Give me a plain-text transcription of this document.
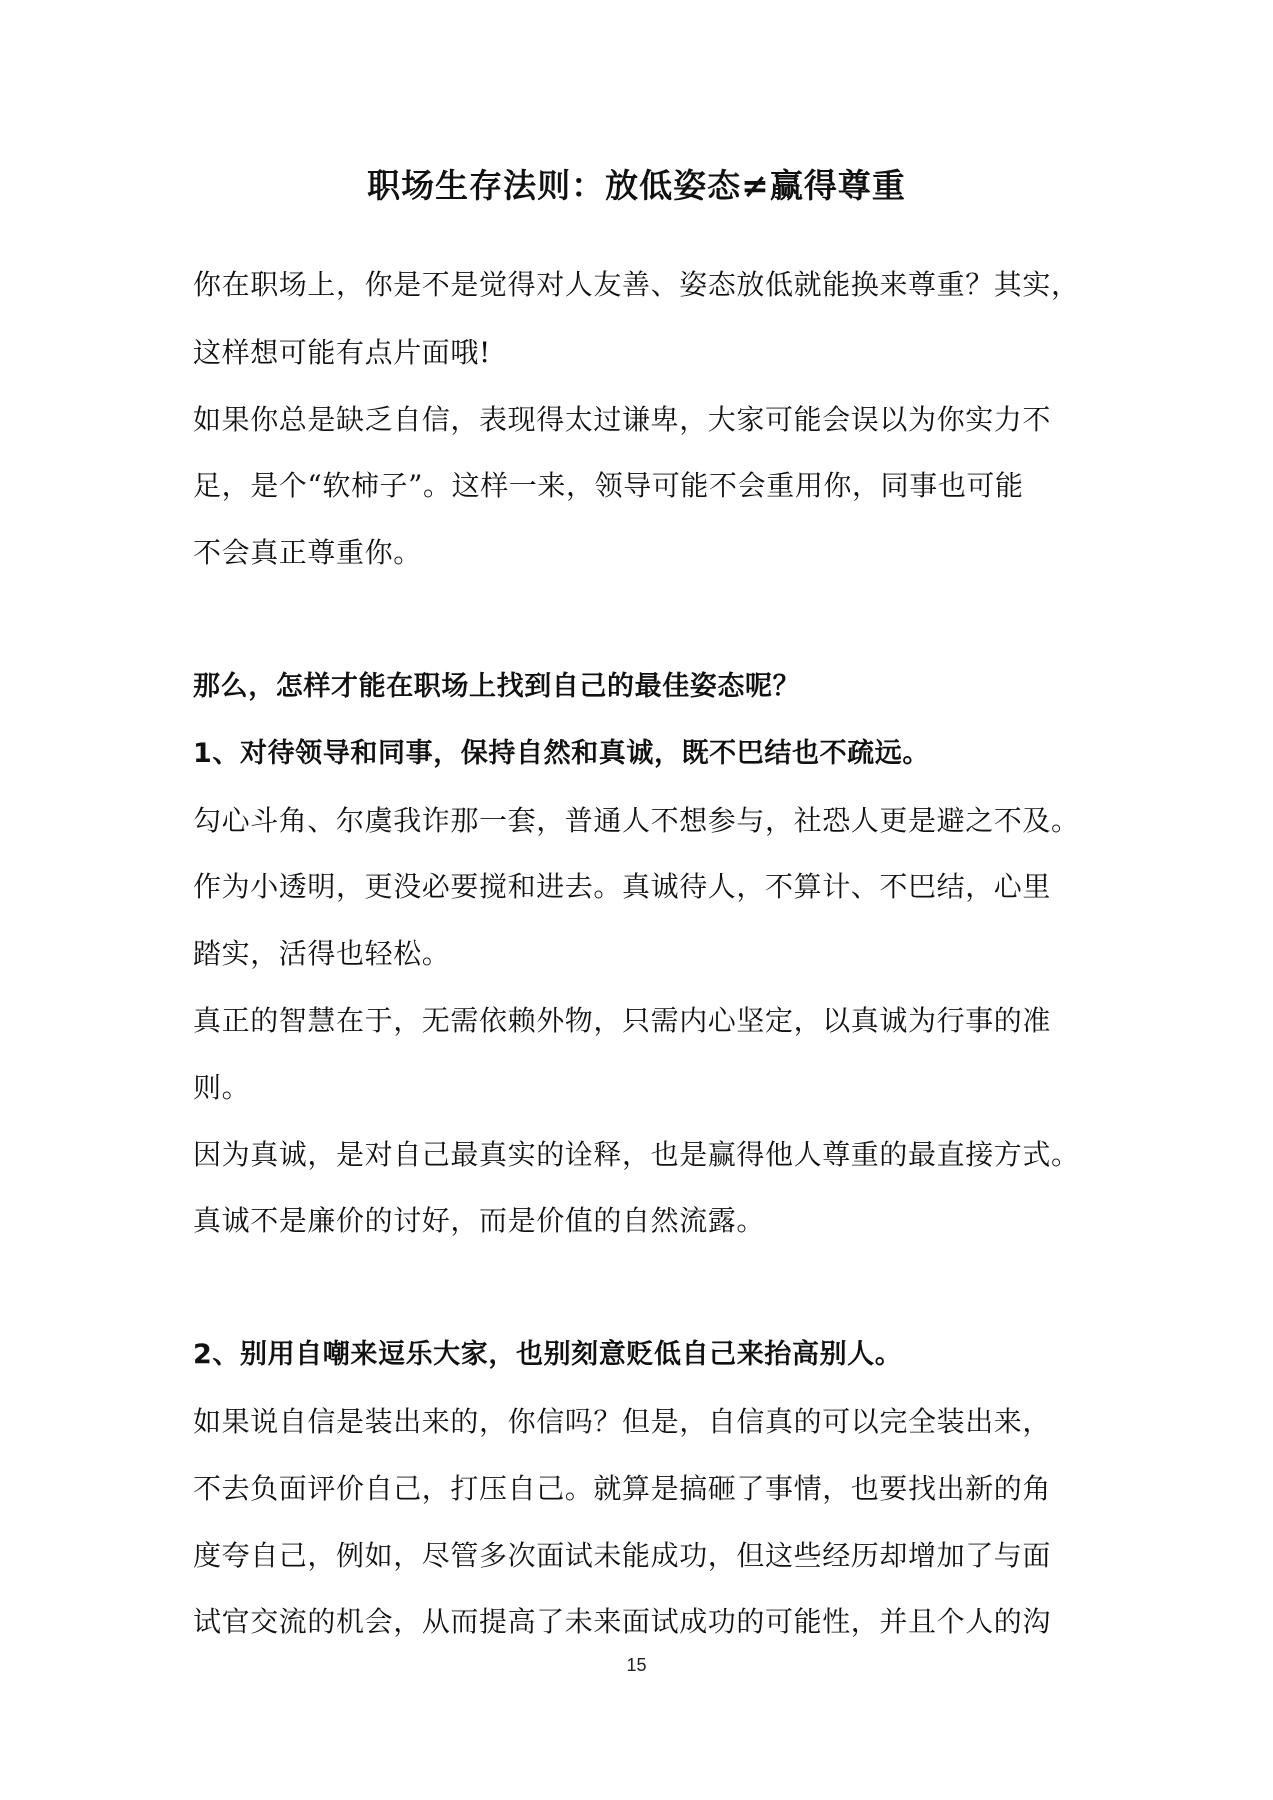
职场生存法则：放低姿态≠赢得尊重

你在职场上，你是不是觉得对人友善、姿态放低就能换来尊重？其实，

这样想可能有点片面哦!

如果你总是缺乏自信，表现得太过谦卑，大家可能会误以为你实力不

足，是个“软柿子”。这样一来，领导可能不会重用你，同事也可能

不会真正尊重你。

那么，怎样才能在职场上找到自己的最佳姿态呢？

1、对待领导和同事，保持自然和真诚，既不巴结也不疏远。

勾心斗角、尔虞我诈那一套，普通人不想参与，社恐人更是避之不及。

作为小透明，更没必要搅和进去。真诚待人，不算计、不巴结，心里

踏实，活得也轻松。

真正的智慧在于，无需依赖外物，只需内心坚定，以真诚为行事的准

则。

因为真诚，是对自己最真实的诠释，也是赢得他人尊重的最直接方式。

真诚不是廉价的讨好，而是价值的自然流露。

2、别用自嘲来逗乐大家，也别刻意贬低自己来抬高别人。

如果说自信是装出来的，你信吗？但是，自信真的可以完全装出来，

不去负面评价自己，打压自己。就算是搞砸了事情，也要找出新的角

度夸自己，例如，尽管多次面试未能成功，但这些经历却增加了与面

试官交流的机会，从而提高了未来面试成功的可能性，并且个人的沟

15
